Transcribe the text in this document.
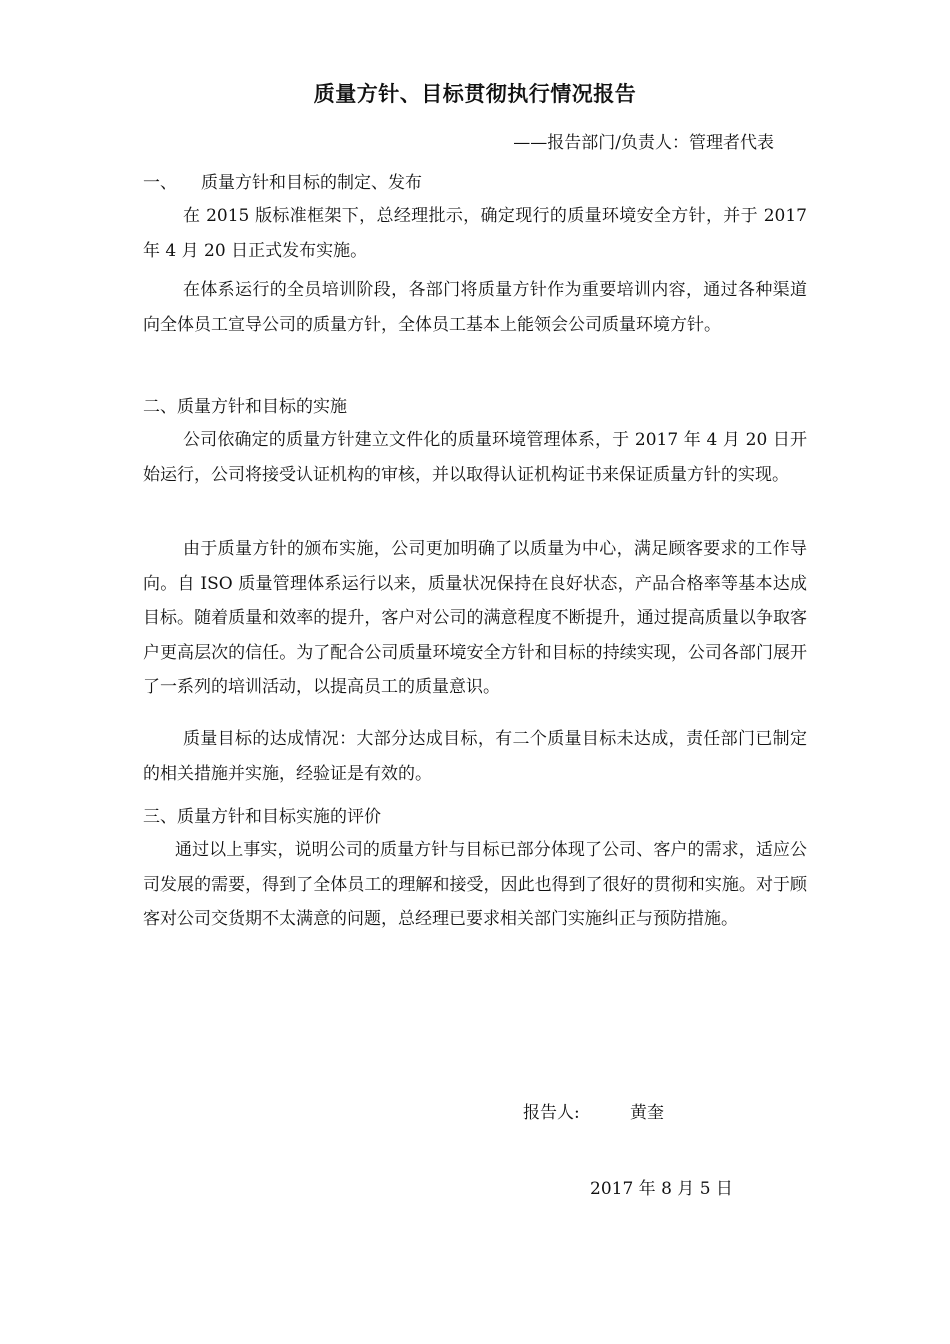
质量方针、目标贯彻执行情况报告
——报告部门/负责人：管理者代表
一、 质量方针和目标的制定、发布
在 2015 版标准框架下，总经理批示，确定现行的质量环境安全方针，并于 2017 年 4 月 20 日正式发布实施。
在体系运行的全员培训阶段，各部门将质量方针作为重要培训内容，通过各种渠道向全体员工宣导公司的质量方针，全体员工基本上能领会公司质量环境方针。
二、质量方针和目标的实施
公司依确定的质量方针建立文件化的质量环境管理体系，于 2017 年 4 月 20 日开始运行，公司将接受认证机构的审核，并以取得认证机构证书来保证质量方针的实现。
由于质量方针的颁布实施，公司更加明确了以质量为中心，满足顾客要求的工作导向。自 ISO 质量管理体系运行以来，质量状况保持在良好状态，产品合格率等基本达成目标。随着质量和效率的提升，客户对公司的满意程度不断提升，通过提高质量以争取客户更高层次的信任。为了配合公司质量环境安全方针和目标的持续实现，公司各部门展开了一系列的培训活动，以提高员工的质量意识。
质量目标的达成情况：大部分达成目标，有二个质量目标未达成，责任部门已制定的相关措施并实施，经验证是有效的。
三、质量方针和目标实施的评价
通过以上事实，说明公司的质量方针与目标已部分体现了公司、客户的需求，适应公司发展的需要，得到了全体员工的理解和接受，因此也得到了很好的贯彻和实施。对于顾客对公司交货期不太满意的问题，总经理已要求相关部门实施纠正与预防措施。
报告人:	黄奎
2017 年 8 月 5 日
